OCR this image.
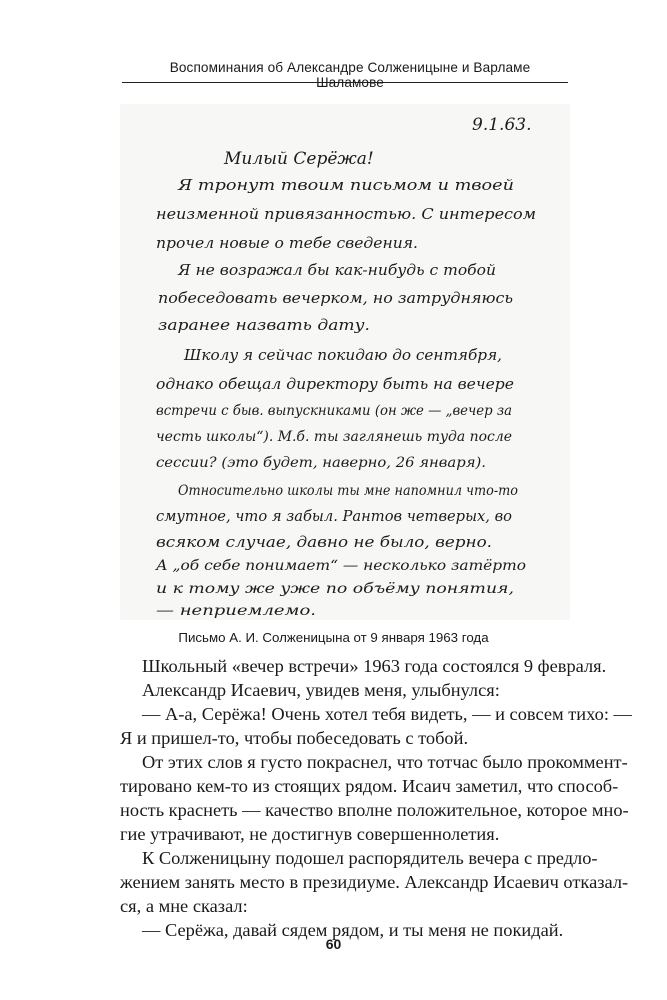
Воспоминания об Александре Солженицыне и Варламе Шаламове
9.1.63.
Милый Серёжа!
Я тронут твоим письмом и твоей
неизменной привязанностью. С интересом
прочел новые о тебе сведения.
Я не возражал бы как-нибудь с тобой
побеседовать вечерком, но затрудняюсь
заранее назвать дату.
Школу я сейчас покидаю до сентября,
однако обещал директору быть на вечере
встречи с быв. выпускниками (он же — „вечер за
честь школы“). М.б. ты заглянешь туда после
сессии? (это будет, наверно, 26 января).
Относительно школы ты мне напомнил что-то
смутное, что я забыл. Рантов четверых, во
всяком случае, давно не было, верно.
А „об себе понимает“ — несколько затёрто
и к тому же уже по объёму понятия,
— неприемлемо.
Письмо А. И. Солженицына от 9 января 1963 года
Школьный «вечер встречи» 1963 года состоялся 9 февраля.
Александр Исаевич, увидев меня, улыбнулся:
— А-а, Серёжа! Очень хотел тебя видеть, — и совсем тихо: —
Я и пришел-то, чтобы побеседовать с тобой.
От этих слов я густо покраснел, что тотчас было прокоммент-
тировано кем-то из стоящих рядом. Исаич заметил, что способ-
ность краснеть — качество вполне положительное, которое мно-
гие утрачивают, не достигнув совершеннолетия.
К Солженицыну подошел распорядитель вечера с предло-
жением занять место в президиуме. Александр Исаевич отказал-
ся, а мне сказал:
— Серёжа, давай сядем рядом, и ты меня не покидай.
60
